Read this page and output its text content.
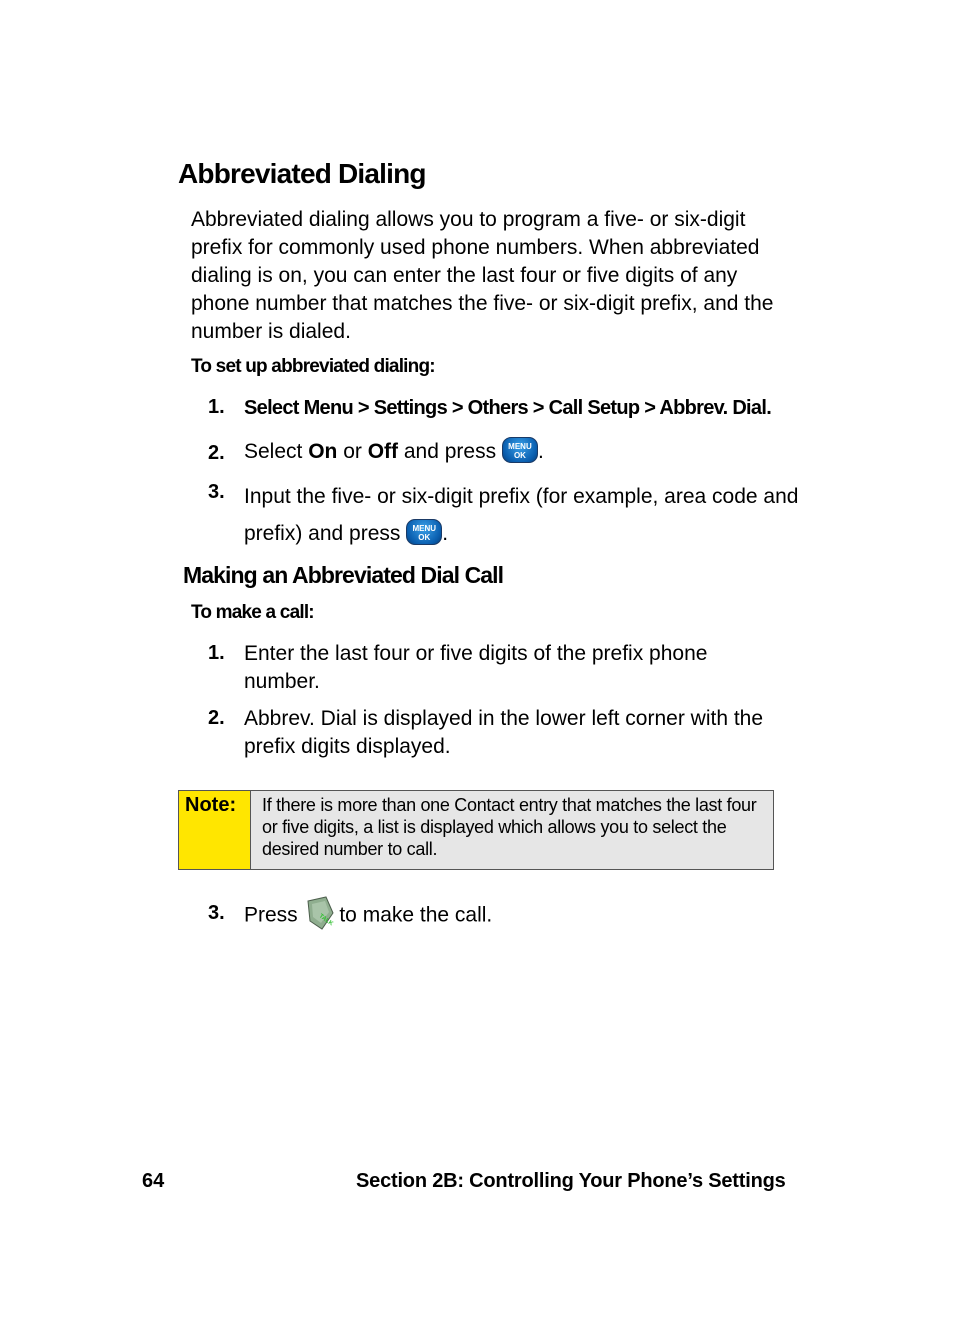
Abbreviated Dialing
Abbreviated dialing allows you to program a five- or six-digit prefix for commonly used phone numbers. When abbreviated dialing is on, you can enter the last four or five digits of any phone number that matches the five- or six-digit prefix, and the number is dialed.
To set up abbreviated dialing:
1. Select Menu > Settings > Others > Call Setup > Abbrev. Dial.
2. Select On or Off and press MENU
OK .
3. Input the five- or six-digit prefix (for example, area code and prefix) and press MENU
OK .
Making an Abbreviated Dial Call
To make a call:
1. Enter the last four or five digits of the prefix phone number.
2. Abbrev. Dial is displayed in the lower left corner with the prefix digits displayed.
Note:	If there is more than one Contact entry that matches the last four or five digits, a list is displayed which allows you to select the desired number to call.
3. Press TALK to make the call.
64	Section 2B: Controlling Your Phone’s Settings
